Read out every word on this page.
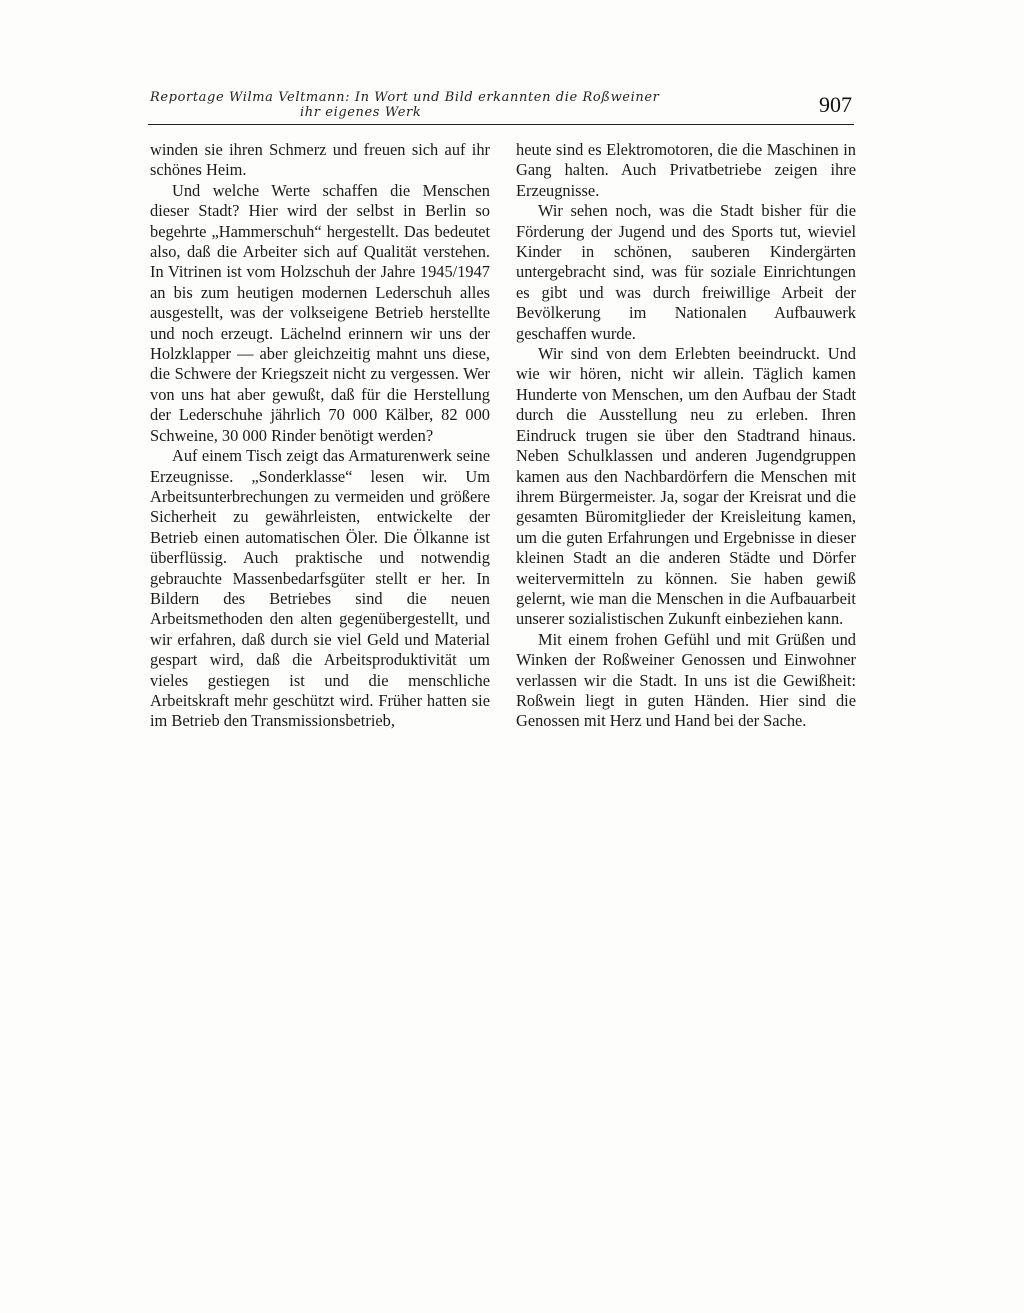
Reportage Wilma Veltmann: In Wort und Bild erkannten die Roßweiner
ihr eigenes Werk	907

winden sie ihren Schmerz und freuen sich auf ihr schönes Heim.

Und welche Werte schaffen die Menschen dieser Stadt? Hier wird der selbst in Berlin so begehrte „Hammerschuh“ hergestellt. Das bedeutet also, daß die Arbeiter sich auf Qualität verstehen. In Vitrinen ist vom Holzschuh der Jahre 1945/1947 an bis zum heutigen modernen Lederschuh alles ausgestellt, was der volkseigene Betrieb herstellte und noch erzeugt. Lächelnd erinnern wir uns der Holzklapper — aber gleichzeitig mahnt uns diese, die Schwere der Kriegszeit nicht zu vergessen. Wer von uns hat aber gewußt, daß für die Herstellung der Lederschuhe jährlich 70 000 Kälber, 82 000 Schweine, 30 000 Rinder benötigt werden?

Auf einem Tisch zeigt das Armaturenwerk seine Erzeugnisse. „Sonderklasse“ lesen wir. Um Arbeitsunterbrechungen zu vermeiden und größere Sicherheit zu gewährleisten, entwickelte der Betrieb einen automatischen Öler. Die Ölkanne ist überflüssig. Auch praktische und notwendig gebrauchte Massenbedarfsgüter stellt er her. In Bildern des Betriebes sind die neuen Arbeitsmethoden den alten gegenübergestellt, und wir erfahren, daß durch sie viel Geld und Material gespart wird, daß die Arbeitsproduktivität um vieles gestiegen ist und die menschliche Arbeitskraft mehr geschützt wird. Früher hatten sie im Betrieb den Transmissionsbetrieb,

heute sind es Elektromotoren, die die Maschinen in Gang halten. Auch Privatbetriebe zeigen ihre Erzeugnisse.

Wir sehen noch, was die Stadt bisher für die Förderung der Jugend und des Sports tut, wieviel Kinder in schönen, sauberen Kindergärten untergebracht sind, was für soziale Einrichtungen es gibt und was durch freiwillige Arbeit der Bevölkerung im Nationalen Aufbauwerk geschaffen wurde.

Wir sind von dem Erlebten beeindruckt. Und wie wir hören, nicht wir allein. Täglich kamen Hunderte von Menschen, um den Aufbau der Stadt durch die Ausstellung neu zu erleben. Ihren Eindruck trugen sie über den Stadtrand hinaus. Neben Schulklassen und anderen Jugendgruppen kamen aus den Nachbardörfern die Menschen mit ihrem Bürgermeister. Ja, sogar der Kreisrat und die gesamten Büromitglieder der Kreisleitung kamen, um die guten Erfahrungen und Ergebnisse in dieser kleinen Stadt an die anderen Städte und Dörfer weitervermitteln zu können. Sie haben gewiß gelernt, wie man die Menschen in die Aufbauarbeit unserer sozialistischen Zukunft einbeziehen kann.

Mit einem frohen Gefühl und mit Grüßen und Winken der Roßweiner Genossen und Einwohner verlassen wir die Stadt. In uns ist die Gewißheit: Roßwein liegt in guten Händen. Hier sind die Genossen mit Herz und Hand bei der Sache.
